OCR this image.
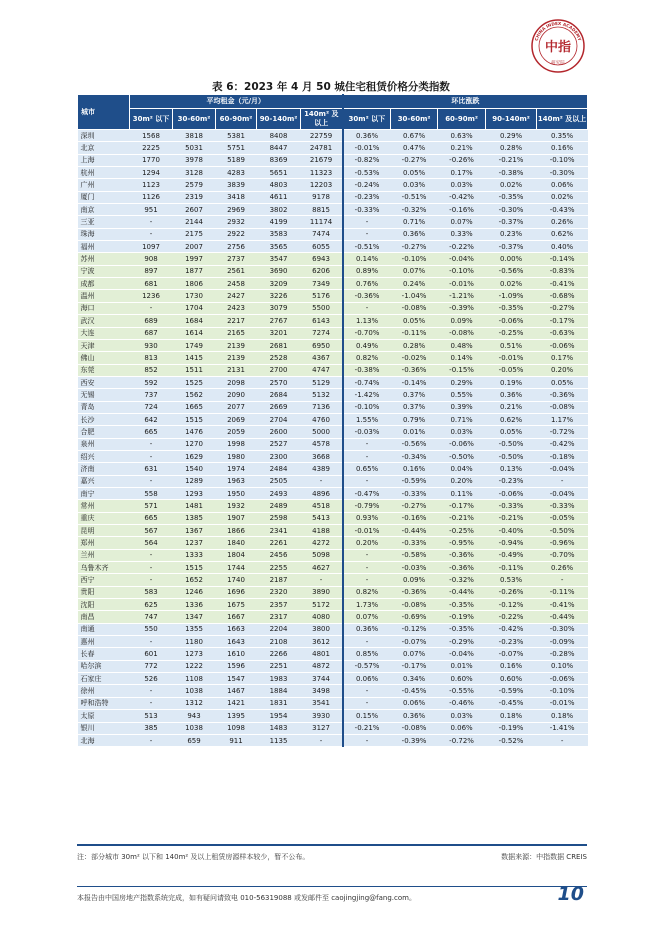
CHINA INDEX ACADEMY
中指
研究院
表 6：2023 年 4 月 50 城住宅租赁价格分类指数
城市	平均租金（元/月）					环比涨跌				
	30m² 以下	30-60m²	60-90m²	90-140m²	140m² 及以上	30m² 以下	30-60m²	60-90m²	90-140m²	140m² 及以上
深圳	1568	3818	5381	8408	22759	0.36%	0.67%	0.63%	0.29%	0.35%
北京	2225	5031	5751	8447	24781	-0.01%	0.47%	0.21%	0.28%	0.16%
上海	1770	3978	5189	8369	21679	-0.82%	-0.27%	-0.26%	-0.21%	-0.10%
杭州	1294	3128	4283	5651	11323	-0.53%	0.05%	0.17%	-0.38%	-0.30%
广州	1123	2579	3839	4803	12203	-0.24%	0.03%	0.03%	0.02%	0.06%
厦门	1126	2319	3418	4611	9178	-0.23%	-0.51%	-0.42%	-0.35%	0.02%
南京	951	2607	2969	3802	8815	-0.33%	-0.32%	-0.16%	-0.30%	-0.43%
三亚	-	2144	2932	4199	11174	-	0.71%	0.07%	-0.37%	0.26%
珠海	-	2175	2922	3583	7474	-	0.36%	0.33%	0.23%	0.62%
福州	1097	2007	2756	3565	6055	-0.51%	-0.27%	-0.22%	-0.37%	0.40%
苏州	908	1997	2737	3547	6943	0.14%	-0.10%	-0.04%	0.00%	-0.14%
宁波	897	1877	2561	3690	6206	0.89%	0.07%	-0.10%	-0.56%	-0.83%
成都	681	1806	2458	3209	7349	0.76%	0.24%	-0.01%	0.02%	-0.41%
温州	1236	1730	2427	3226	5176	-0.36%	-1.04%	-1.21%	-1.09%	-0.68%
海口	-	1704	2423	3079	5500	-	-0.08%	-0.39%	-0.35%	-0.27%
武汉	689	1684	2217	2767	6143	1.13%	0.05%	0.09%	-0.06%	-0.17%
大连	687	1614	2165	3201	7274	-0.70%	-0.11%	-0.08%	-0.25%	-0.63%
天津	930	1749	2139	2681	6950	0.49%	0.28%	0.48%	0.51%	-0.06%
佛山	813	1415	2139	2528	4367	0.82%	-0.02%	0.14%	-0.01%	0.17%
东莞	852	1511	2131	2700	4747	-0.38%	-0.36%	-0.15%	-0.05%	0.20%
西安	592	1525	2098	2570	5129	-0.74%	-0.14%	0.29%	0.19%	0.05%
无锡	737	1562	2090	2684	5132	-1.42%	0.37%	0.55%	0.36%	-0.36%
青岛	724	1665	2077	2669	7136	-0.10%	0.37%	0.39%	0.21%	-0.08%
长沙	642	1515	2069	2704	4760	1.55%	0.79%	0.71%	0.62%	1.17%
合肥	665	1476	2059	2600	5000	-0.03%	0.01%	0.03%	0.05%	-0.72%
泉州	-	1270	1998	2527	4578	-	-0.56%	-0.06%	-0.50%	-0.42%
绍兴	-	1629	1980	2300	3668	-	-0.34%	-0.50%	-0.50%	-0.18%
济南	631	1540	1974	2484	4389	0.65%	0.16%	0.04%	0.13%	-0.04%
嘉兴	-	1289	1963	2505	-	-	-0.59%	0.20%	-0.23%	-
南宁	558	1293	1950	2493	4896	-0.47%	-0.33%	0.11%	-0.06%	-0.04%
常州	571	1481	1932	2489	4518	-0.79%	-0.27%	-0.17%	-0.33%	-0.33%
重庆	665	1385	1907	2598	5413	0.93%	-0.16%	-0.21%	-0.21%	-0.05%
昆明	567	1367	1866	2341	4188	-0.01%	-0.44%	-0.25%	-0.40%	-0.50%
郑州	564	1237	1840	2261	4272	0.20%	-0.33%	-0.95%	-0.94%	-0.96%
兰州	-	1333	1804	2456	5098	-	-0.58%	-0.36%	-0.49%	-0.70%
乌鲁木齐	-	1515	1744	2255	4627	-	-0.03%	-0.36%	-0.11%	0.26%
西宁	-	1652	1740	2187	-	-	0.09%	-0.32%	0.53%	-
贵阳	583	1246	1696	2320	3890	0.82%	-0.36%	-0.44%	-0.26%	-0.11%
沈阳	625	1336	1675	2357	5172	1.73%	-0.08%	-0.35%	-0.12%	-0.41%
南昌	747	1347	1667	2317	4080	0.07%	-0.69%	-0.19%	-0.22%	-0.44%
南通	550	1355	1663	2204	3800	0.36%	-0.12%	-0.35%	-0.42%	-0.30%
惠州	-	1180	1643	2108	3612	-	-0.07%	-0.29%	-0.23%	-0.09%
长春	601	1273	1610	2266	4801	0.85%	0.07%	-0.04%	-0.07%	-0.28%
哈尔滨	772	1222	1596	2251	4872	-0.57%	-0.17%	0.01%	0.16%	0.10%
石家庄	526	1108	1547	1983	3744	0.06%	0.34%	0.60%	0.60%	-0.06%
徐州	-	1038	1467	1884	3498	-	-0.45%	-0.55%	-0.59%	-0.10%
呼和浩特	-	1312	1421	1831	3541	-	0.06%	-0.46%	-0.45%	-0.01%
太原	513	943	1395	1954	3930	0.15%	0.36%	0.03%	0.18%	0.18%
银川	385	1038	1098	1483	3127	-0.21%	-0.08%	0.06%	-0.19%	-1.41%
北海	-	659	911	1135	-	-	-0.39%	-0.72%	-0.52%	-
注：部分城市 30m² 以下和 140m² 及以上租赁房源样本较少，暂不公布。	数据来源：中指数据 CREIS
本报告由中国房地产指数系统完成，如有疑问请致电 010-56319088 或发邮件至 caojingjing@fang.com。	10
